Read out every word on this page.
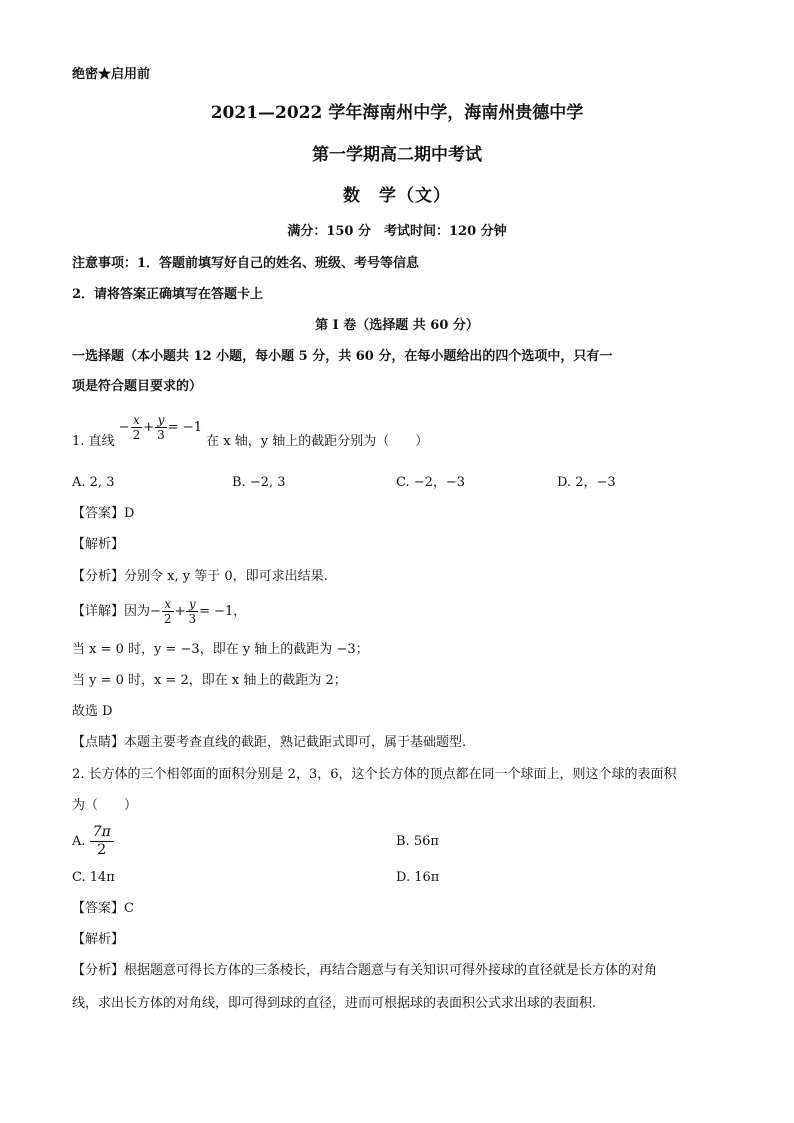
绝密★启用前
2021—2022 学年海南州中学，海南州贵德中学
第一学期高二期中考试
数　学（文）
满分：150 分　考试时间：120 分钟
注意事项：1．答题前填写好自己的姓名、班级、考号等信息
2．请将答案正确填写在答题卡上
第 I 卷（选择题 共 60 分）
一选择题（本小题共 12 小题，每小题 5 分，共 60 分，在每小题给出的四个选项中，只有一
项是符合题目要求的）
1. 直线 − $\frac{x}{2} + \frac{y}{3} = -1$ 在 x 轴，y 轴上的截距分别为（　　）
A. 2, 3	B. −2, 3	C. −2，−3	D. 2，−3
【答案】D
【解析】
【分析】分别令 x, y 等于 0，即可求出结果.
【详解】因为− $\frac{x}{2} + \frac{y}{3} = -1$，
当 x = 0 时，y = −3，即在 y 轴上的截距为 −3；
当 y = 0 时，x = 2，即在 x 轴上的截距为 2；
故选 D
【点睛】本题主要考查直线的截距，熟记截距式即可，属于基础题型.
2. 长方体的三个相邻面的面积分别是 2，3，6，这个长方体的顶点都在同一个球面上，则这个球的表面积
为（　　）
A. $\frac{7\pi}{2}$	B. 56π
C. 14π	D. 16π
【答案】C
【解析】
【分析】根据题意可得长方体的三条棱长，再结合题意与有关知识可得外接球的直径就是长方体的对角
线，求出长方体的对角线，即可得到球的直径，进而可根据球的表面积公式求出球的表面积.
